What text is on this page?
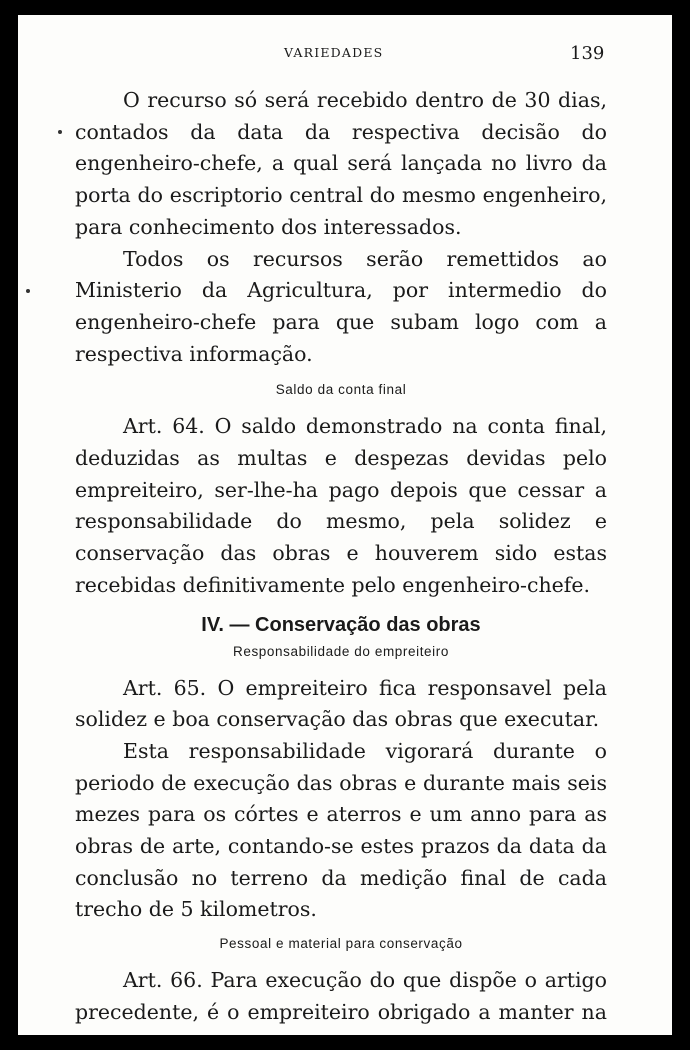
VARIEDADES	139

O recurso só será recebido dentro de 30 dias, contados da data da respectiva decisão do engenheiro-chefe, a qual será lançada no livro da porta do escriptorio central do mesmo engenheiro, para conhecimento dos interessados.

Todos os recursos serão remettidos ao Ministerio da Agricultura, por intermedio do engenheiro-chefe para que subam logo com a respectiva informação.

Saldo da conta final

Art. 64. O saldo demonstrado na conta final, deduzidas as multas e despezas devidas pelo empreiteiro, ser-lhe-ha pago depois que cessar a responsabilidade do mesmo, pela solidez e conservação das obras e houverem sido estas recebidas definitivamente pelo engenheiro-chefe.

IV. — Conservação das obras

Responsabilidade do empreiteiro

Art. 65. O empreiteiro fica responsavel pela solidez e boa conservação das obras que executar.

Esta responsabilidade vigorará durante o periodo de execução das obras e durante mais seis mezes para os córtes e aterros e um anno para as obras de arte, contando-se estes prazos da data da conclusão no terreno da medição final de cada trecho de 5 kilometros.

Pessoal e material para conservação

Art. 66. Para execução do que dispõe o artigo precedente, é o empreiteiro obrigado a manter na
